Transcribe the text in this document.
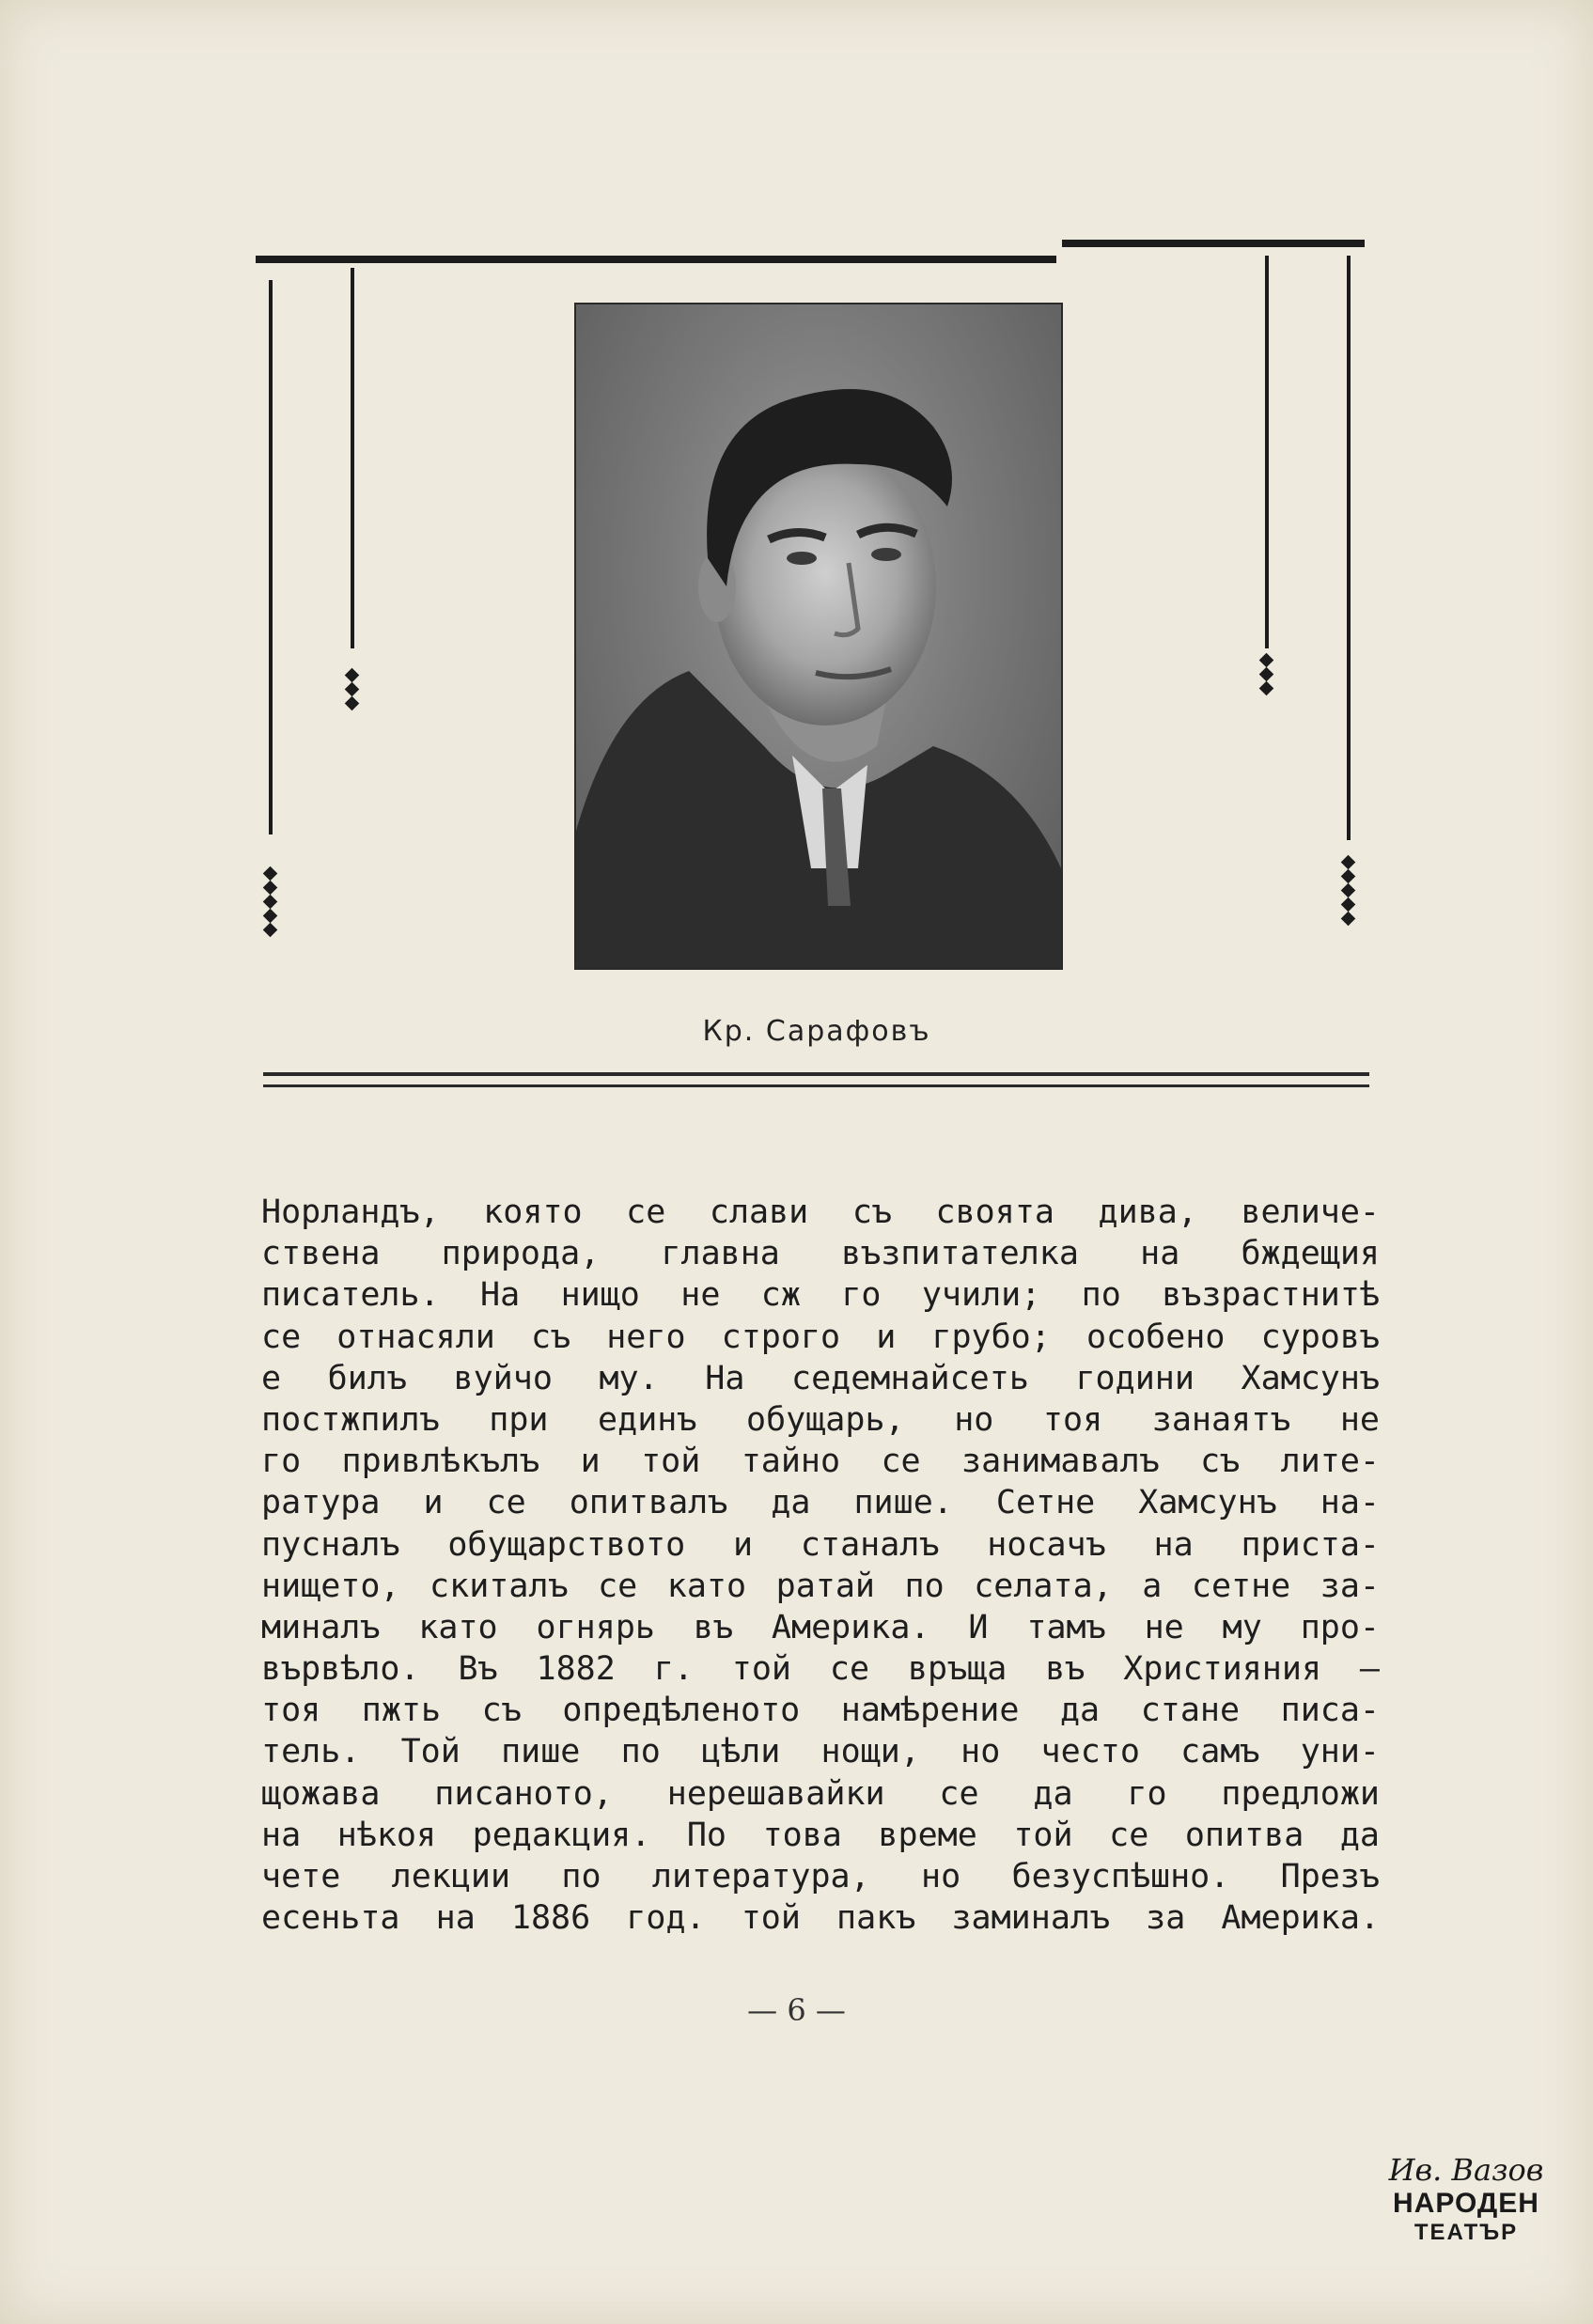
Кр. Сарафовъ
Норландъ, която се слави съ своята дива, величе-
ствена природа, главна възпитателка на бждещия
писатель. На нищо не сж го учили; по възрастнитѣ
се отнасяли съ него строго и грубо; особено суровъ
е билъ вуйчо му. На седемнайсеть години Хамсунъ
постжпилъ при единъ обущарь, но тоя занаятъ не
го привлѣкълъ и той тайно се занимавалъ съ лите-
ратура и се опитвалъ да пише. Сетне Хамсунъ на-
пусналъ обущарството и станалъ носачъ на приста-
нището, скиталъ се като ратай по селата, а сетне за-
миналъ като огнярь въ Америка. И тамъ не му про-
вървѣло. Въ 1882 г. той се връща въ Християния —
тоя пжть съ опредѣленото намѣрение да стане писа-
тель. Той пише по цѣли нощи, но често самъ уни-
щожава писаното, нерешавайки се да го предложи
на нѣкоя редакция. По това време той се опитва да
чете лекции по литература, но безуспѣшно. Презъ
есеньта на 1886 год. той пакъ заминалъ за Америка.
— 6 —
Ив. Вазов
НАРОДЕН
ТЕАТЪР
